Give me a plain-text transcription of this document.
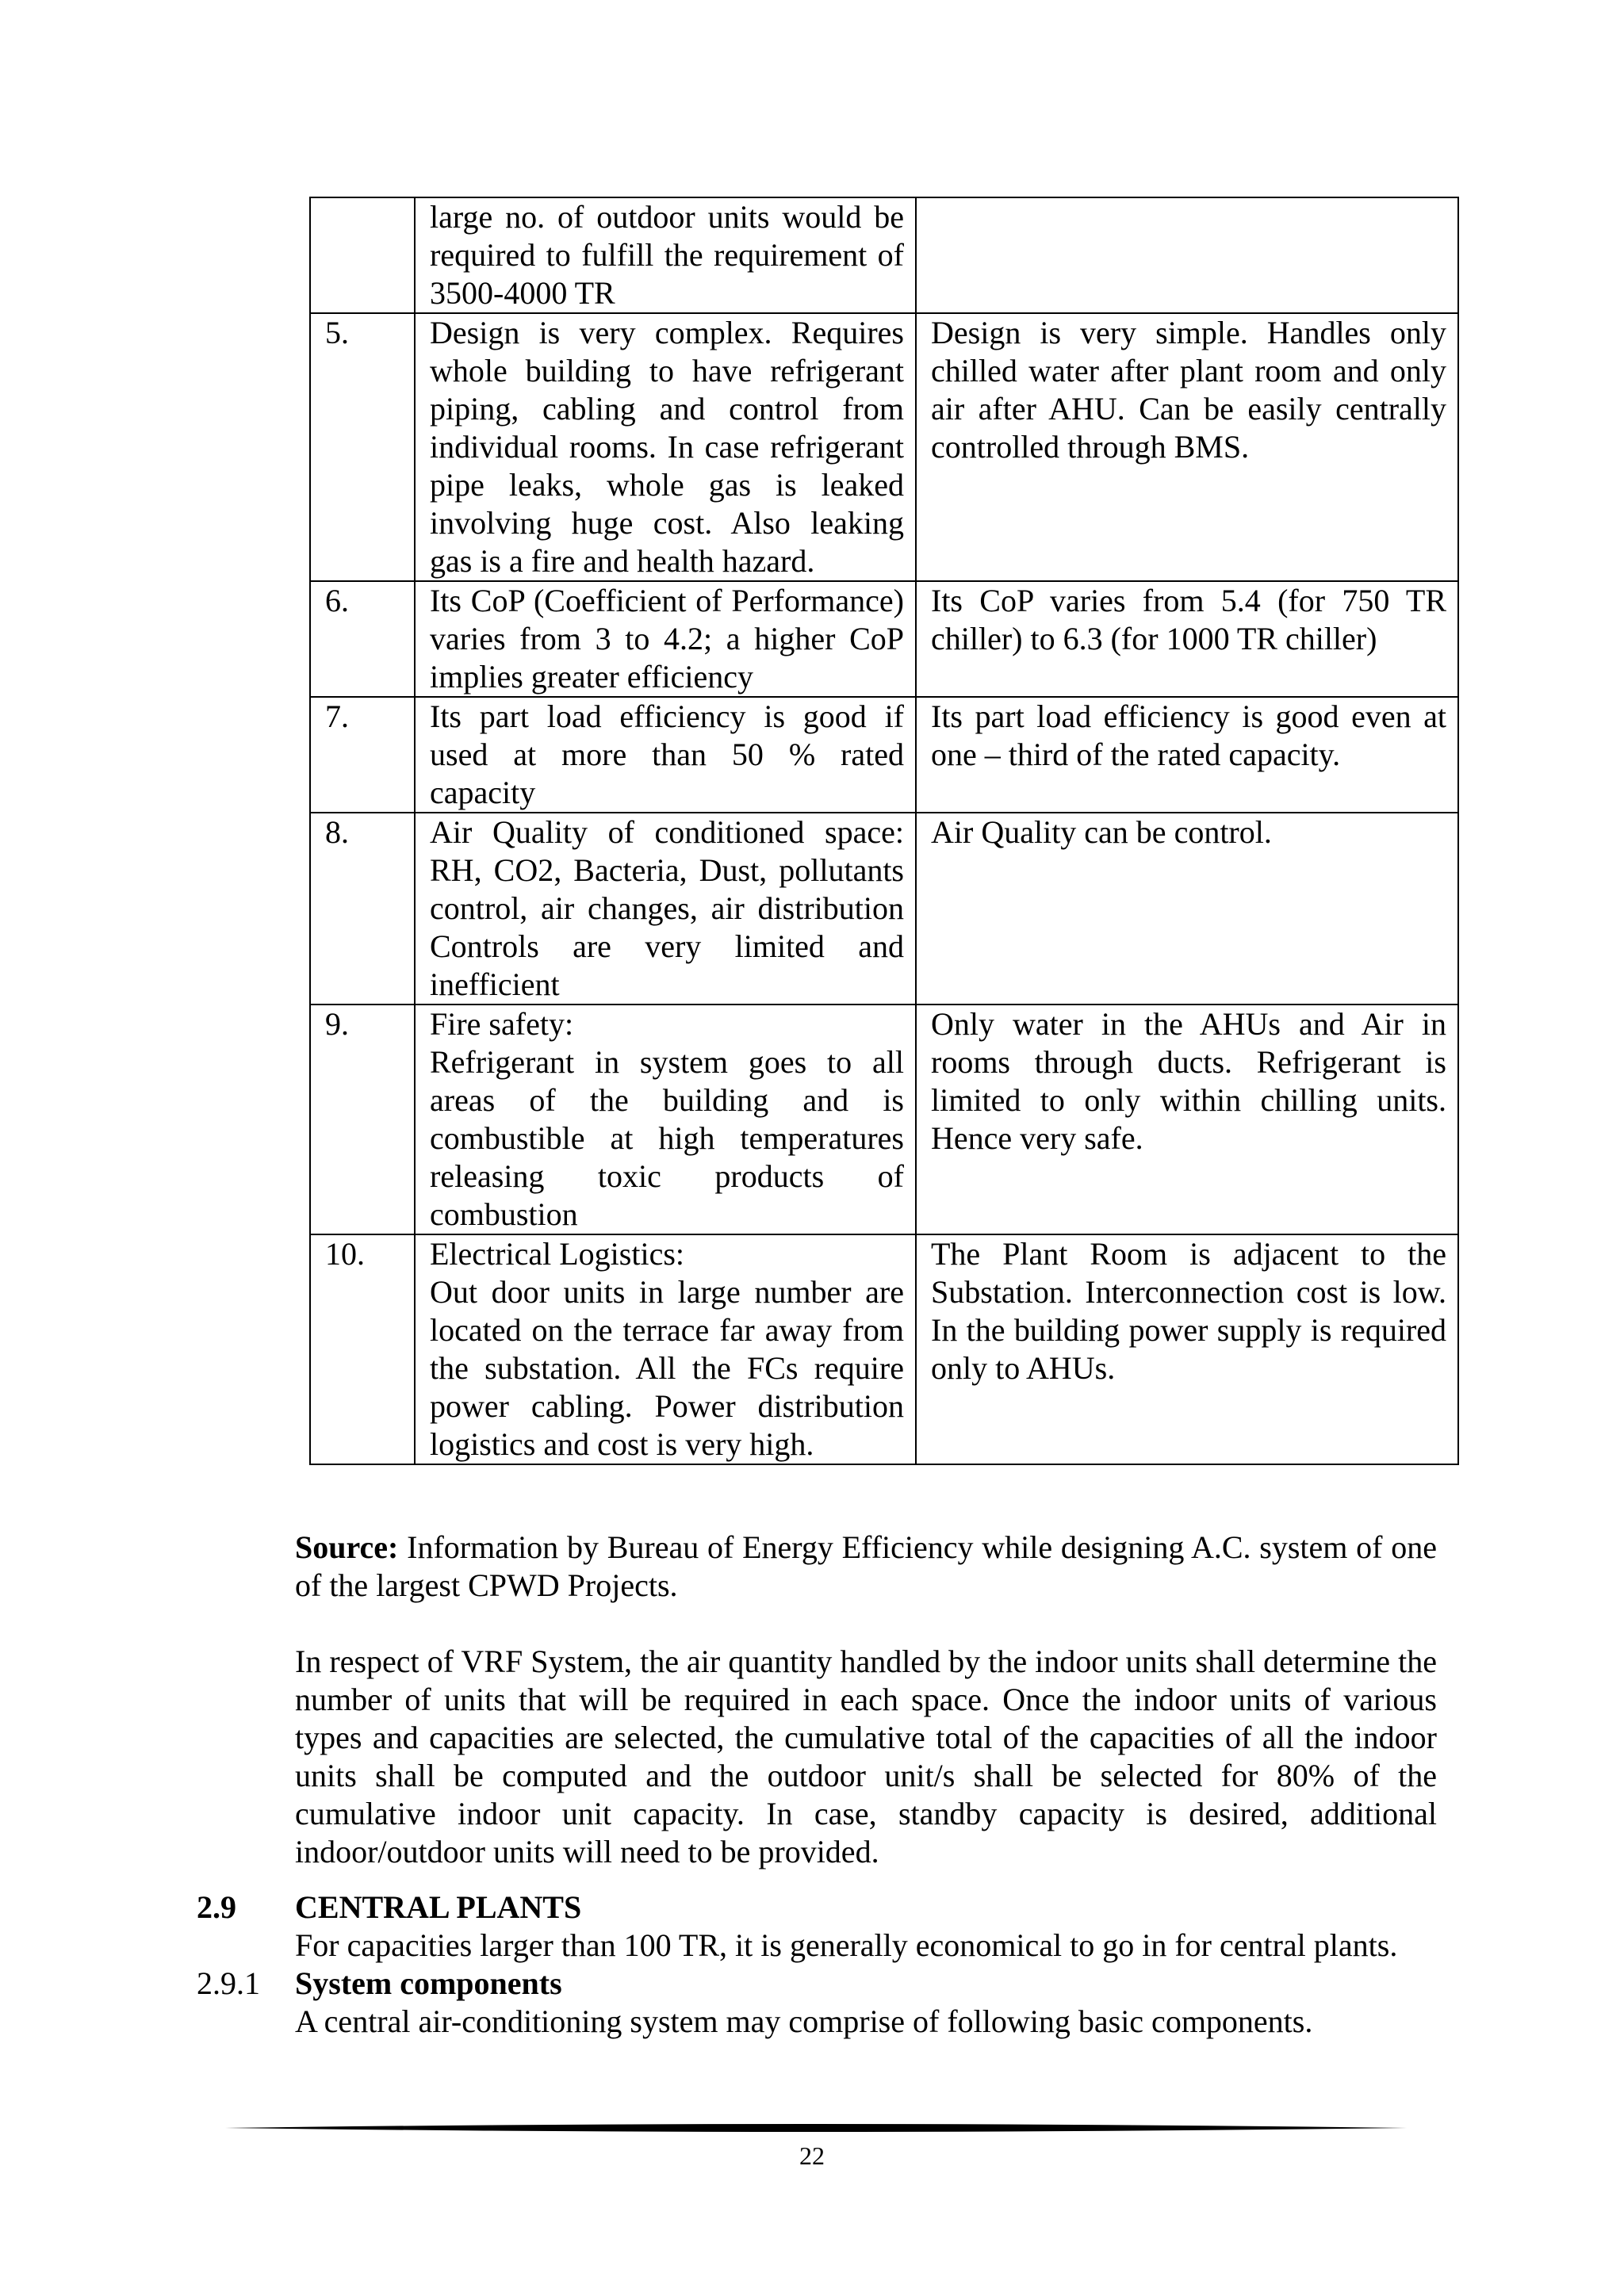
	large no. of outdoor units would be required to fulfill the requirement of 3500-4000 TR	
5.	Design is very complex. Requires whole building to have refrigerant piping, cabling and control from individual rooms. In case refrigerant pipe leaks, whole gas is leaked involving huge cost. Also leaking gas is a fire and health hazard.	Design is very simple. Handles only chilled water after plant room and only air after AHU. Can be easily centrally controlled through BMS.
6.	Its CoP (Coefficient of Performance) varies from 3 to 4.2; a higher CoP implies greater efficiency	Its CoP varies from 5.4 (for 750 TR chiller) to 6.3 (for 1000 TR chiller)
7.	Its part load efficiency is good if used at more than 50 % rated capacity	Its part load efficiency is good even at one – third of the rated capacity.
8.	Air Quality of conditioned space: RH, CO2, Bacteria, Dust, pollutants control, air changes, air distribution Controls are very limited and inefficient	Air Quality can be control.
9.	Fire safety:
Refrigerant in system goes to all areas of the building and is combustible at high temperatures releasing toxic products of combustion	Only water in the AHUs and Air in rooms through ducts. Refrigerant is limited to only within chilling units. Hence very safe.
10.	Electrical Logistics:
Out door units in large number are located on the terrace far away from the substation. All the FCs require power cabling. Power distribution logistics and cost is very high.	The Plant Room is adjacent to the Substation. Interconnection cost is low. In the building power supply is required only to AHUs.

Source: Information by Bureau of Energy Efficiency while designing A.C. system of one of the largest CPWD Projects.

In respect of VRF System, the air quantity handled by the indoor units shall determine the number of units that will be required in each space. Once the indoor units of various types and capacities are selected, the cumulative total of the capacities of all the indoor units shall be computed and the outdoor unit/s shall be selected for 80% of the cumulative indoor unit capacity. In case, standby capacity is desired, additional indoor/outdoor units will need to be provided.

2.9 CENTRAL PLANTS

For capacities larger than 100 TR, it is generally economical to go in for central plants.

2.9.1 System components

A central air-conditioning system may comprise of following basic components.

22
